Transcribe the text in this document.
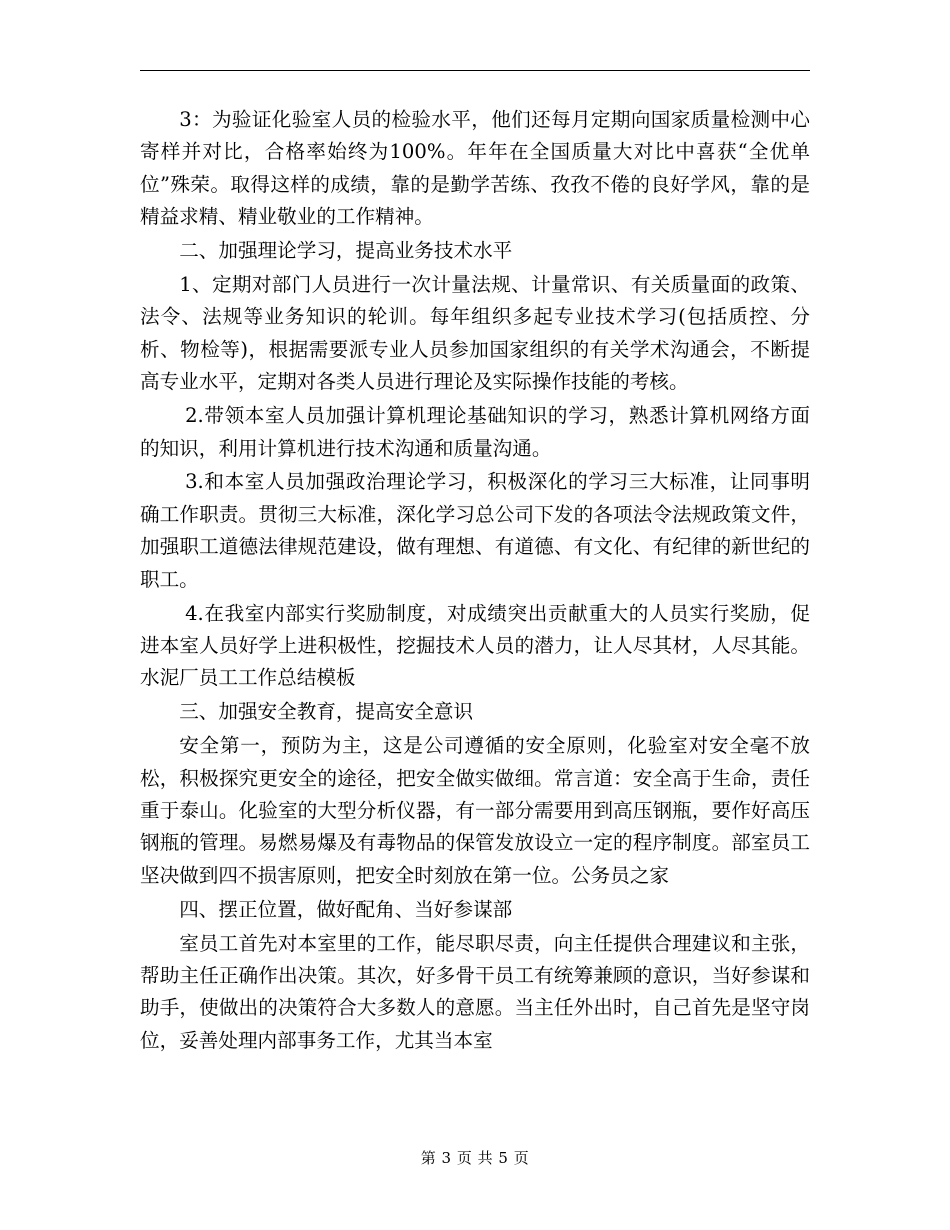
3：为验证化验室人员的检验水平，他们还每月定期向国家质量检测中心寄样并对比，合格率始终为100%。年年在全国质量大对比中喜获“全优单位”殊荣。取得这样的成绩，靠的是勤学苦练、孜孜不倦的良好学风，靠的是精益求精、精业敬业的工作精神。

二、加强理论学习，提高业务技术水平

1、定期对部门人员进行一次计量法规、计量常识、有关质量面的政策、法令、法规等业务知识的轮训。每年组织多起专业技术学习(包括质控、分析、物检等)，根据需要派专业人员参加国家组织的有关学术沟通会，不断提高专业水平，定期对各类人员进行理论及实际操作技能的考核。

2.带领本室人员加强计算机理论基础知识的学习，熟悉计算机网络方面的知识，利用计算机进行技术沟通和质量沟通。

3.和本室人员加强政治理论学习，积极深化的学习三大标准，让同事明确工作职责。贯彻三大标准，深化学习总公司下发的各项法令法规政策文件，加强职工道德法律规范建设，做有理想、有道德、有文化、有纪律的新世纪的职工。

4.在我室内部实行奖励制度，对成绩突出贡献重大的人员实行奖励，促进本室人员好学上进积极性，挖掘技术人员的潜力，让人尽其材，人尽其能。水泥厂员工工作总结模板

三、加强安全教育，提高安全意识

安全第一，预防为主，这是公司遵循的安全原则，化验室对安全毫不放松，积极探究更安全的途径，把安全做实做细。常言道：安全高于生命，责任重于泰山。化验室的大型分析仪器，有一部分需要用到高压钢瓶，要作好高压钢瓶的管理。易燃易爆及有毒物品的保管发放设立一定的程序制度。部室员工坚决做到四不损害原则，把安全时刻放在第一位。公务员之家

四、摆正位置，做好配角、当好参谋部

室员工首先对本室里的工作，能尽职尽责，向主任提供合理建议和主张，帮助主任正确作出决策。其次，好多骨干员工有统筹兼顾的意识，当好参谋和助手，使做出的决策符合大多数人的意愿。当主任外出时，自己首先是坚守岗位，妥善处理内部事务工作，尤其当本室

第 3 页 共 5 页
